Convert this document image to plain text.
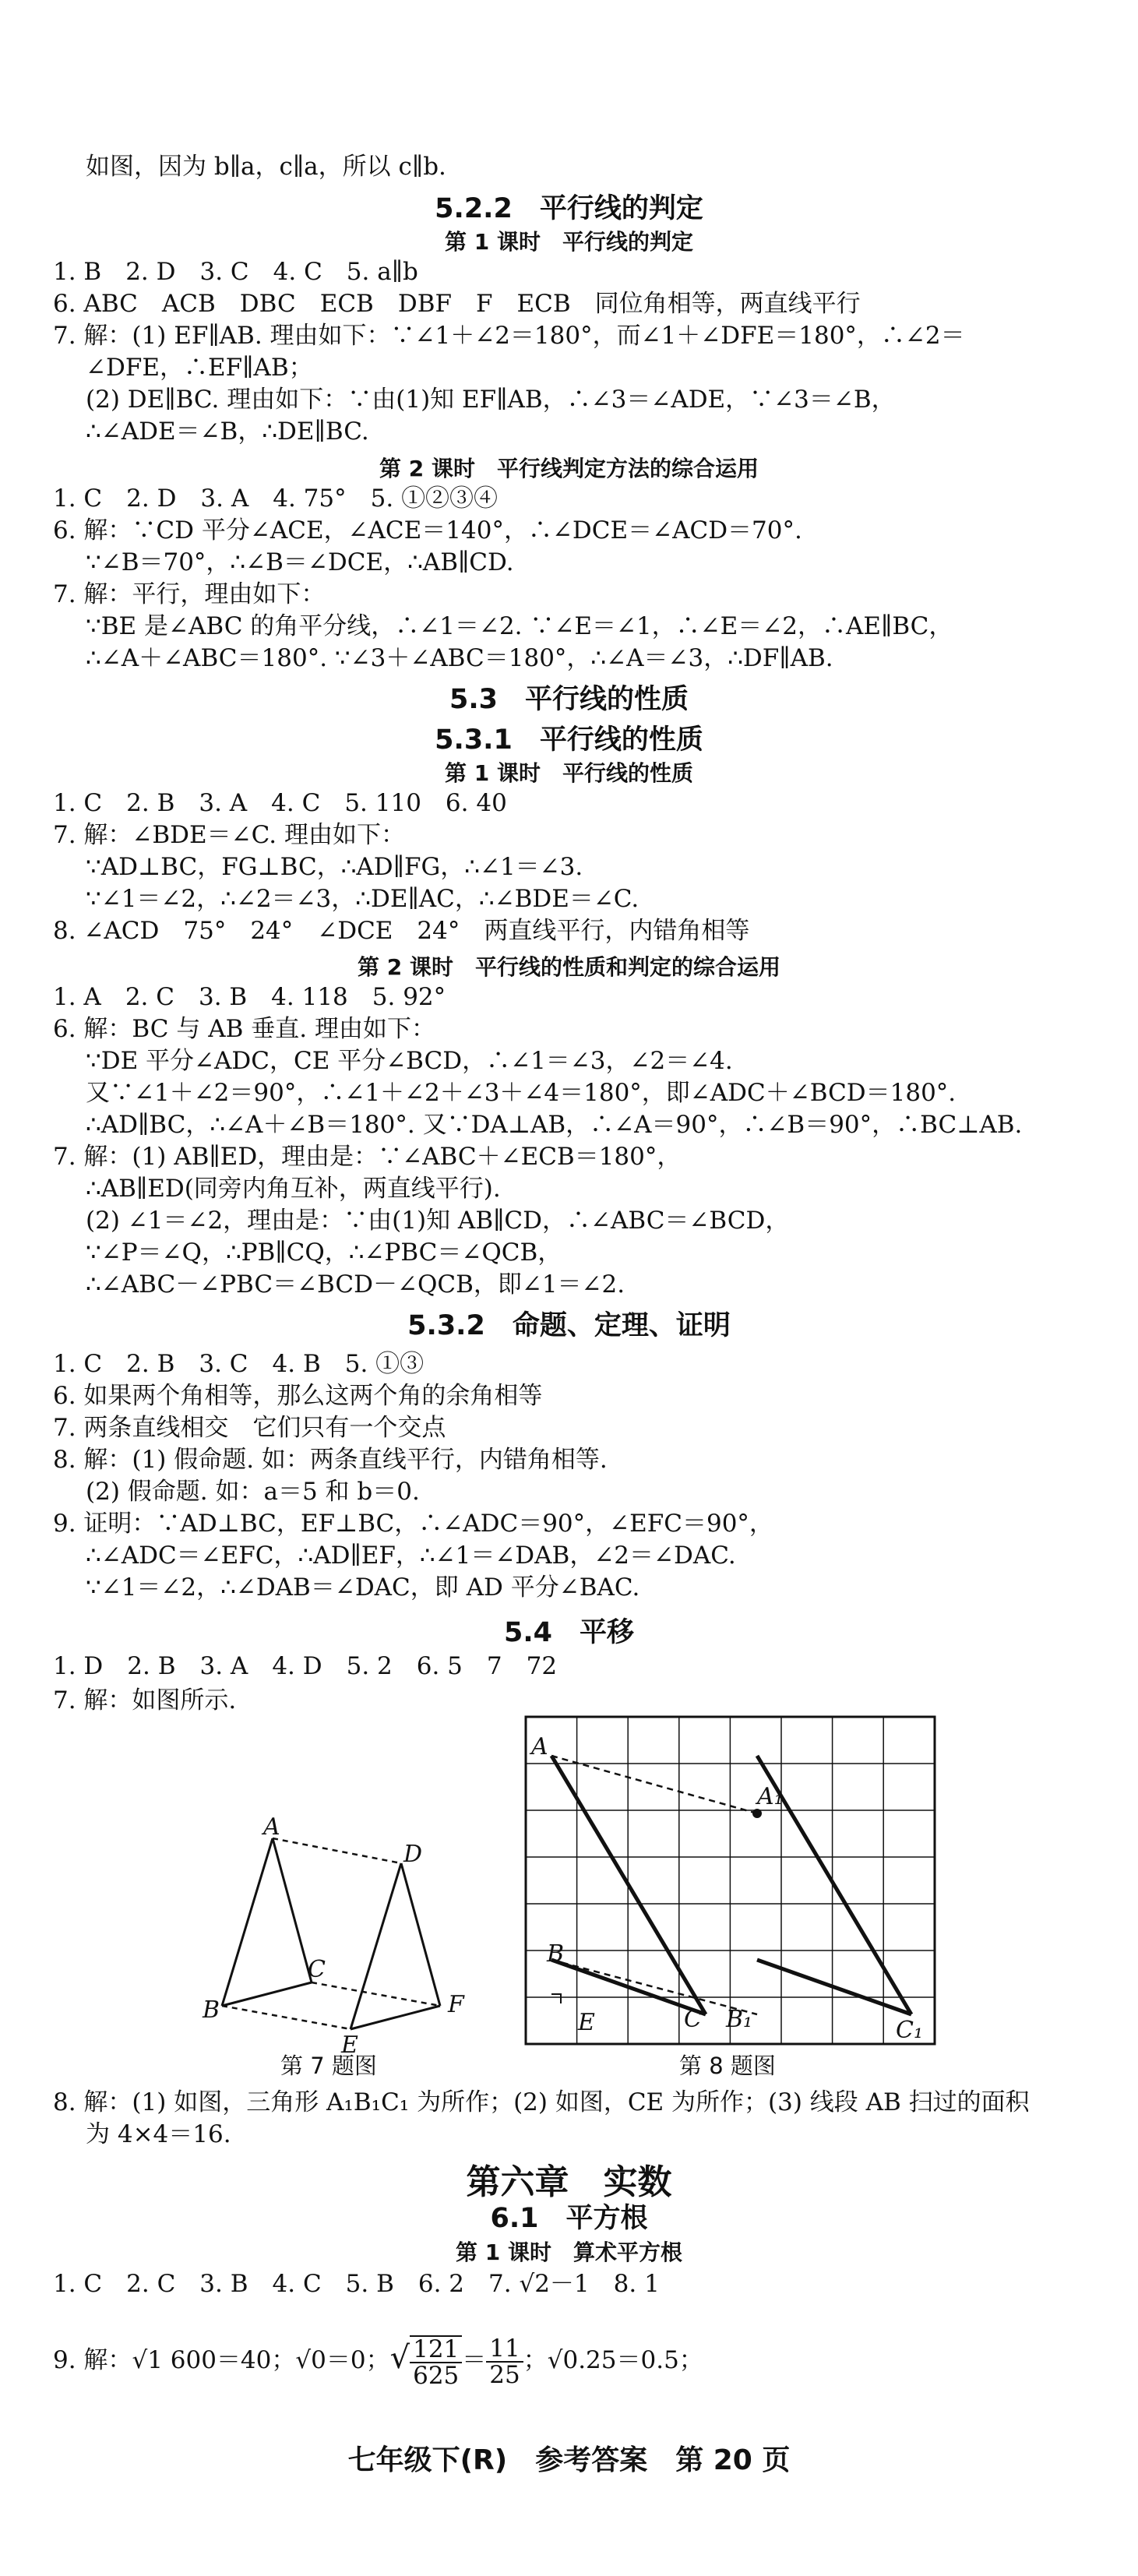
如图，因为 b∥a，c∥a，所以 c∥b.
5.2.2　平行线的判定
第 1 课时　平行线的判定
1. B　2. D　3. C　4. C　5. a∥b
6. ABC　ACB　DBC　ECB　DBF　F　ECB　同位角相等，两直线平行
7. 解：(1) EF∥AB. 理由如下：∵∠1＋∠2＝180°，而∠1＋∠DFE＝180°，∴∠2＝
∠DFE，∴EF∥AB；
(2) DE∥BC. 理由如下：∵由(1)知 EF∥AB，∴∠3＝∠ADE，∵∠3＝∠B，
∴∠ADE＝∠B，∴DE∥BC.
第 2 课时　平行线判定方法的综合运用
1. C　2. D　3. A　4. 75°　5. ①②③④
6. 解：∵CD 平分∠ACE，∠ACE＝140°，∴∠DCE＝∠ACD＝70°.
∵∠B＝70°，∴∠B＝∠DCE，∴AB∥CD.
7. 解：平行，理由如下：
∵BE 是∠ABC 的角平分线，∴∠1＝∠2. ∵∠E＝∠1，∴∠E＝∠2，∴AE∥BC，
∴∠A＋∠ABC＝180°. ∵∠3＋∠ABC＝180°，∴∠A＝∠3，∴DF∥AB.
5.3　平行线的性质
5.3.1　平行线的性质
第 1 课时　平行线的性质
1. C　2. B　3. A　4. C　5. 110　6. 40
7. 解：∠BDE＝∠C. 理由如下：
∵AD⊥BC，FG⊥BC，∴AD∥FG，∴∠1＝∠3.
∵∠1＝∠2，∴∠2＝∠3，∴DE∥AC，∴∠BDE＝∠C.
8. ∠ACD　75°　24°　∠DCE　24°　两直线平行，内错角相等
第 2 课时　平行线的性质和判定的综合运用
1. A　2. C　3. B　4. 118　5. 92°
6. 解：BC 与 AB 垂直. 理由如下：
∵DE 平分∠ADC，CE 平分∠BCD，∴∠1＝∠3，∠2＝∠4.
又∵∠1＋∠2＝90°，∴∠1＋∠2＋∠3＋∠4＝180°，即∠ADC＋∠BCD＝180°.
∴AD∥BC，∴∠A＋∠B＝180°. 又∵DA⊥AB，∴∠A＝90°，∴∠B＝90°，∴BC⊥AB.
7. 解：(1) AB∥ED，理由是：∵∠ABC＋∠ECB＝180°，
∴AB∥ED(同旁内角互补，两直线平行).
(2) ∠1＝∠2，理由是：∵由(1)知 AB∥CD，∴∠ABC＝∠BCD，
∵∠P＝∠Q，∴PB∥CQ，∴∠PBC＝∠QCB，
∴∠ABC－∠PBC＝∠BCD－∠QCB，即∠1＝∠2.
5.3.2　命题、定理、证明
1. C　2. B　3. C　4. B　5. ①③
6. 如果两个角相等，那么这两个角的余角相等
7. 两条直线相交　它们只有一个交点
8. 解：(1) 假命题. 如：两条直线平行，内错角相等.
(2) 假命题. 如：a＝5 和 b＝0.
9. 证明：∵AD⊥BC，EF⊥BC，∴∠ADC＝90°，∠EFC＝90°，
∴∠ADC＝∠EFC，∴AD∥EF，∴∠1＝∠DAB，∠2＝∠DAC.
∵∠1＝∠2，∴∠DAB＝∠DAC，即 AD 平分∠BAC.
5.4　平移
1. D　2. B　3. A　4. D　5. 2　6. 5　7　72
7. 解：如图所示.
8. 解：(1) 如图，三角形 A₁B₁C₁ 为所作；(2) 如图，CE 为所作；(3) 线段 AB 扫过的面积
为 4×4＝16.
第六章　实数
6.1　平方根
第 1 课时　算术平方根
1. C　2. C　3. B　4. C　5. B　6. 2　7. √2－1　8. 1
A
D
B
C
F
E
第 7 题图
A
A₁
B
E	C B₁	C₁
第 8 题图
9. 解：√1 600＝40；√0＝0；√ $\frac{121}{625} = \frac{11}{25}$ ；√0.25＝0.5；
七年级下(R)　参考答案　第 20 页
